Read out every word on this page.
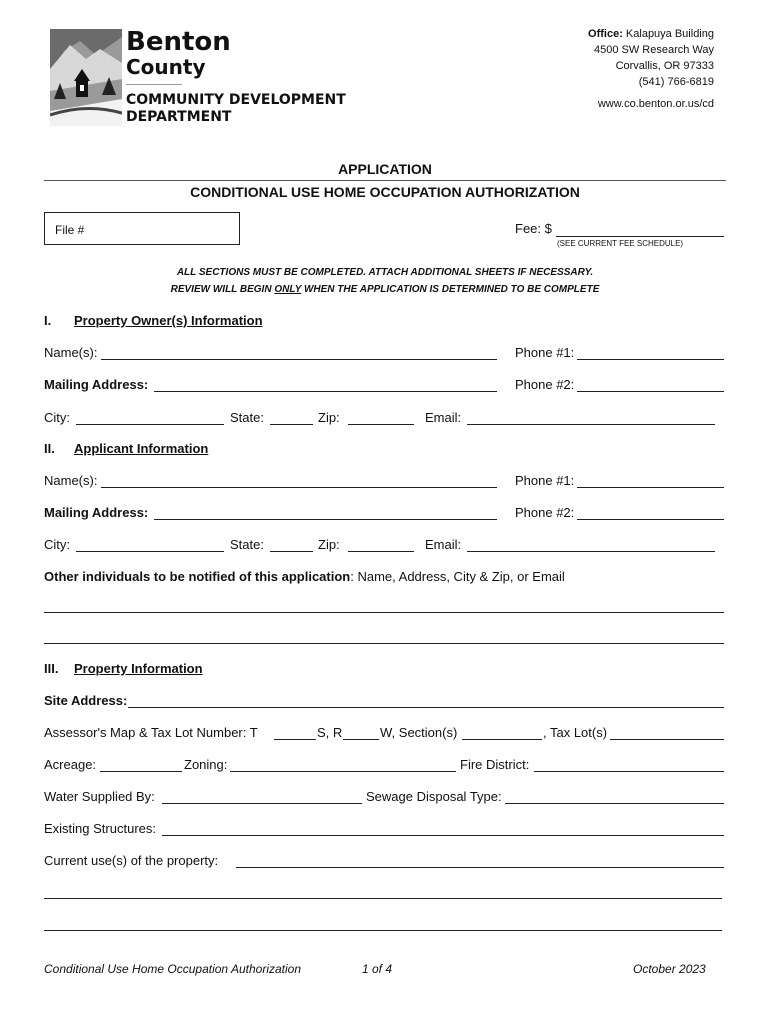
Benton
County
COMMUNITY DEVELOPMENT
DEPARTMENT
Office: Kalapuya Building
4500 SW Research Way
Corvallis, OR 97333
(541) 766-6819
www.co.benton.or.us/cd
APPLICATION
CONDITIONAL USE HOME OCCUPATION AUTHORIZATION
File #	Fee: $
(SEE CURRENT FEE SCHEDULE)
ALL SECTIONS MUST BE COMPLETED. ATTACH ADDITIONAL SHEETS IF NECESSARY.
REVIEW WILL BEGIN ONLY WHEN THE APPLICATION IS DETERMINED TO BE COMPLETE
I. Property Owner(s) Information
Name(s):	Phone #1:
Mailing Address:	Phone #2:
City:	State:	Zip:	Email:
II. Applicant Information
Name(s):	Phone #1:
Mailing Address:	Phone #2:
City:	State:	Zip:	Email:
Other individuals to be notified of this application: Name, Address, City & Zip, or Email
III. Property Information
Site Address:
Assessor's Map & Tax Lot Number: T	S, R	W, Section(s)	, Tax Lot(s)
Acreage:	Zoning:	Fire District:
Water Supplied By:	Sewage Disposal Type:
Existing Structures:
Current use(s) of the property:
Conditional Use Home Occupation Authorization	1 of 4	October 2023
